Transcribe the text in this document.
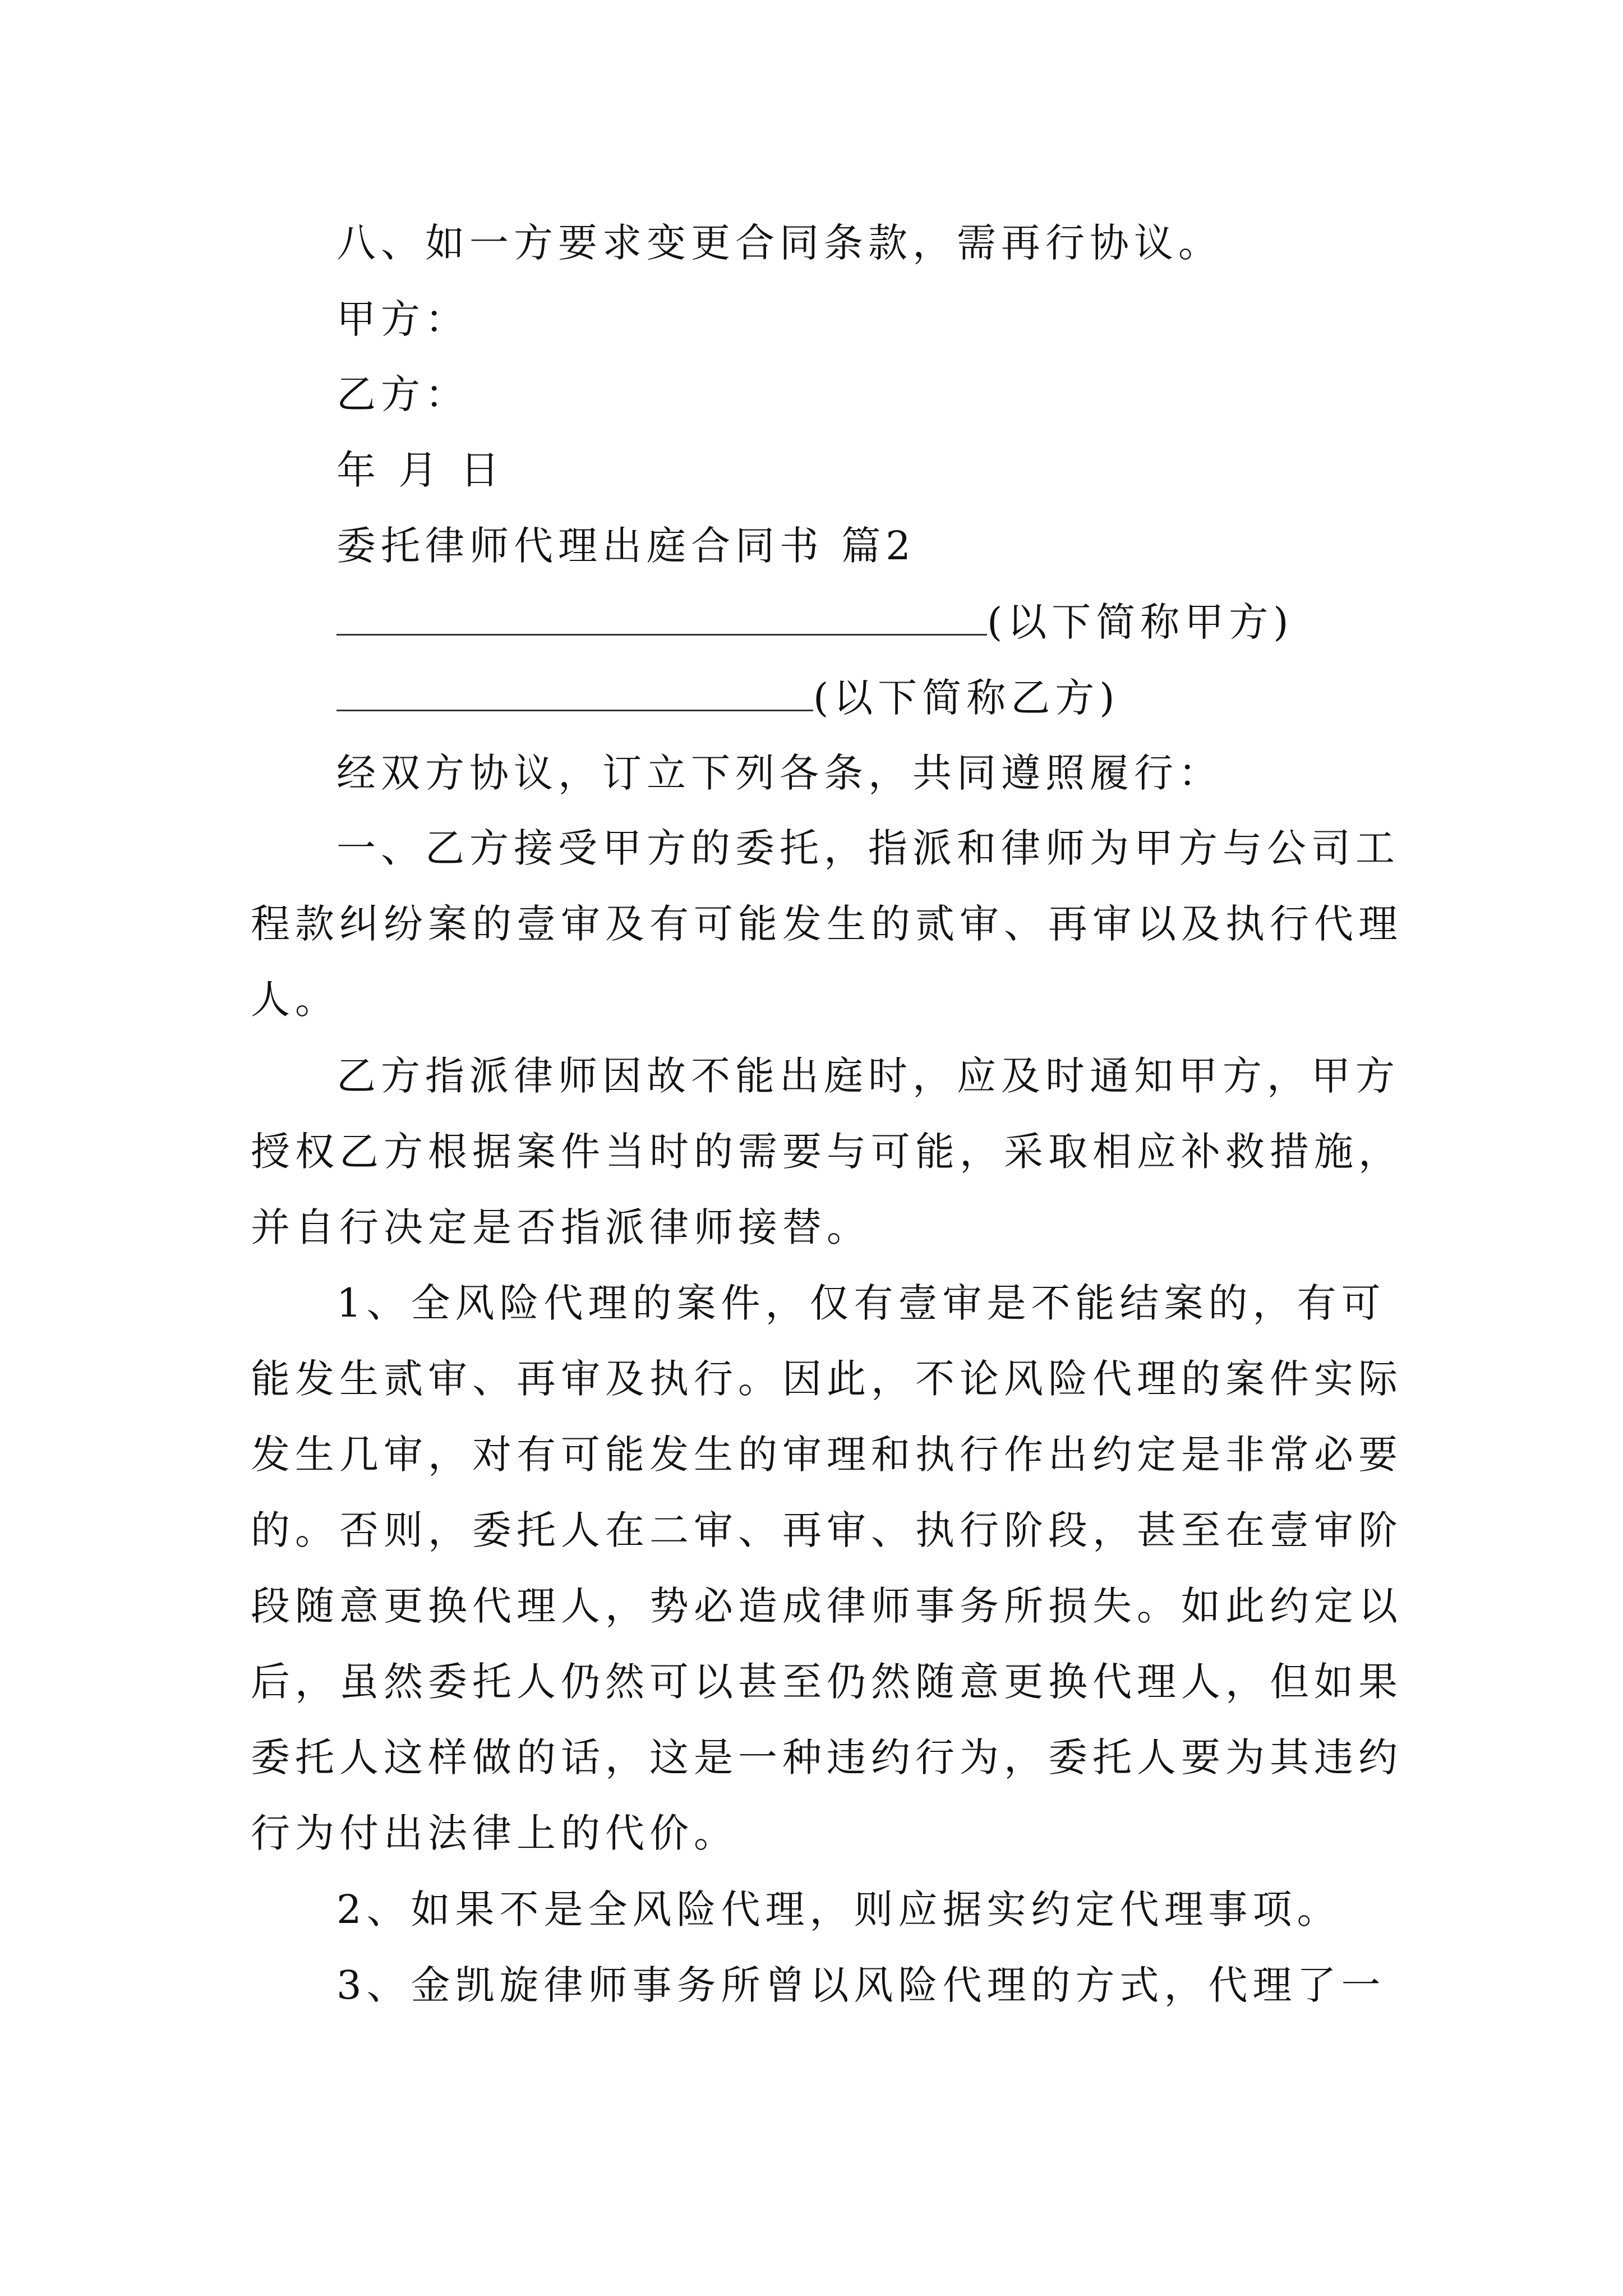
八、如一方要求变更合同条款，需再行协议。
甲方：
乙方：
年 月 日
委托律师代理出庭合同书 篇2
(以下简称甲方)
(以下简称乙方)
经双方协议，订立下列各条，共同遵照履行：
一、乙方接受甲方的委托，指派和律师为甲方与公司工
程款纠纷案的壹审及有可能发生的贰审、再审以及执行代理
人。
乙方指派律师因故不能出庭时，应及时通知甲方，甲方
授权乙方根据案件当时的需要与可能，采取相应补救措施，
并自行决定是否指派律师接替。
1、全风险代理的案件，仅有壹审是不能结案的，有可
能发生贰审、再审及执行。因此，不论风险代理的案件实际
发生几审，对有可能发生的审理和执行作出约定是非常必要
的。否则，委托人在二审、再审、执行阶段，甚至在壹审阶
段随意更换代理人，势必造成律师事务所损失。如此约定以
后，虽然委托人仍然可以甚至仍然随意更换代理人，但如果
委托人这样做的话，这是一种违约行为，委托人要为其违约
行为付出法律上的代价。
2、如果不是全风险代理，则应据实约定代理事项。
3、金凯旋律师事务所曾以风险代理的方式，代理了一
